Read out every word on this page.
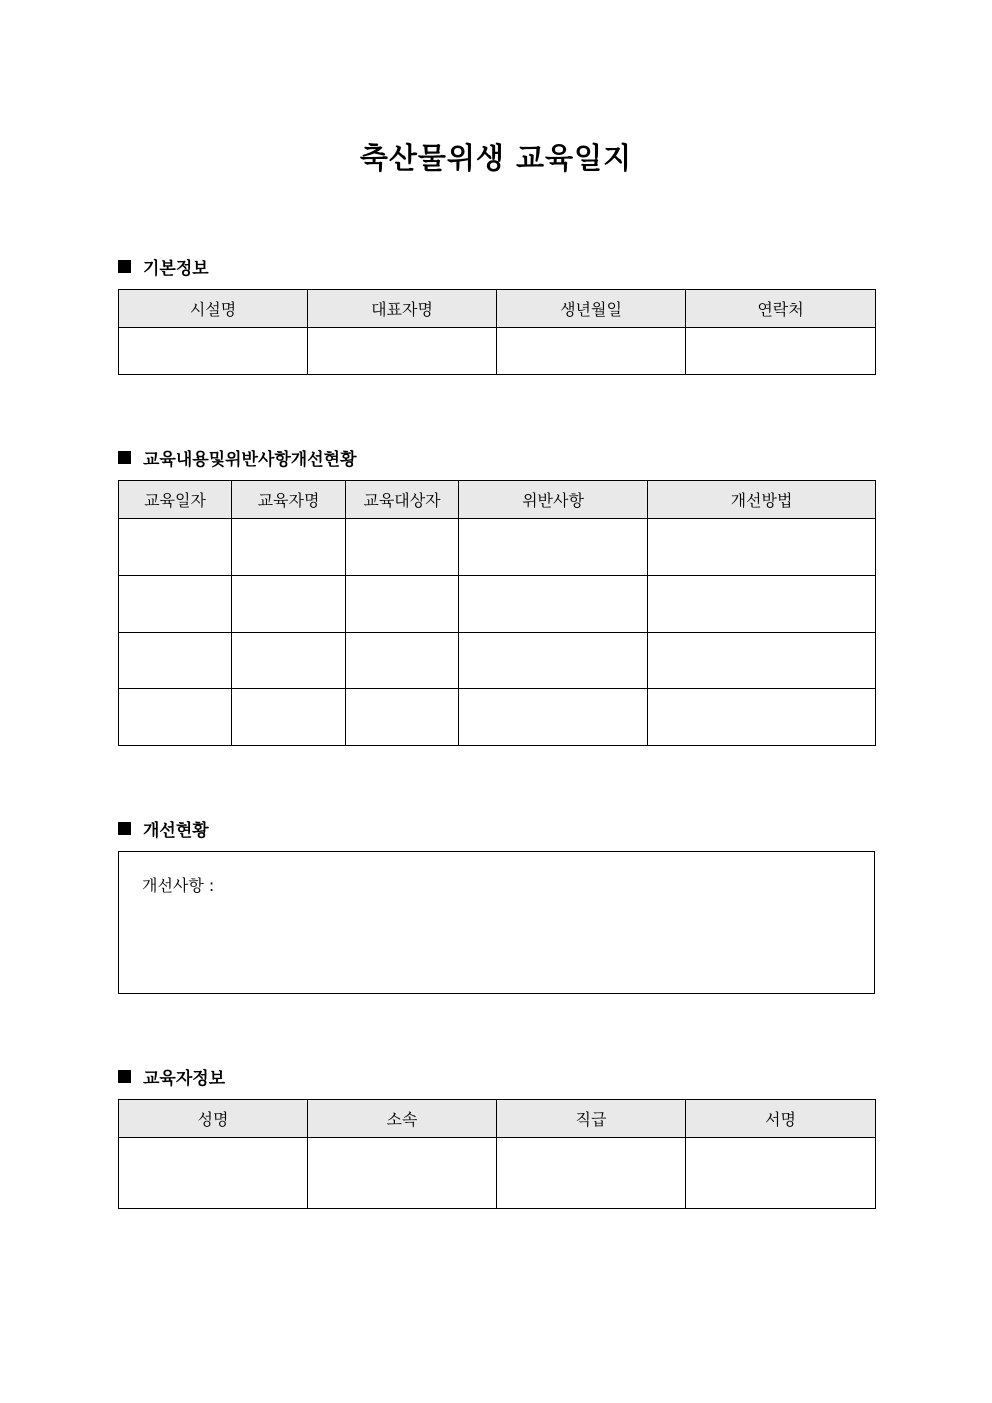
축산물위생 교육일지
기본정보
시설명	대표자명	생년월일	연락처

교육내용및위반사항개선현황
교육일자	교육자명	교육대상자	위반사항	개선방법

개선현황
개선사항 :
교육자정보
성명	소속	직급	서명
